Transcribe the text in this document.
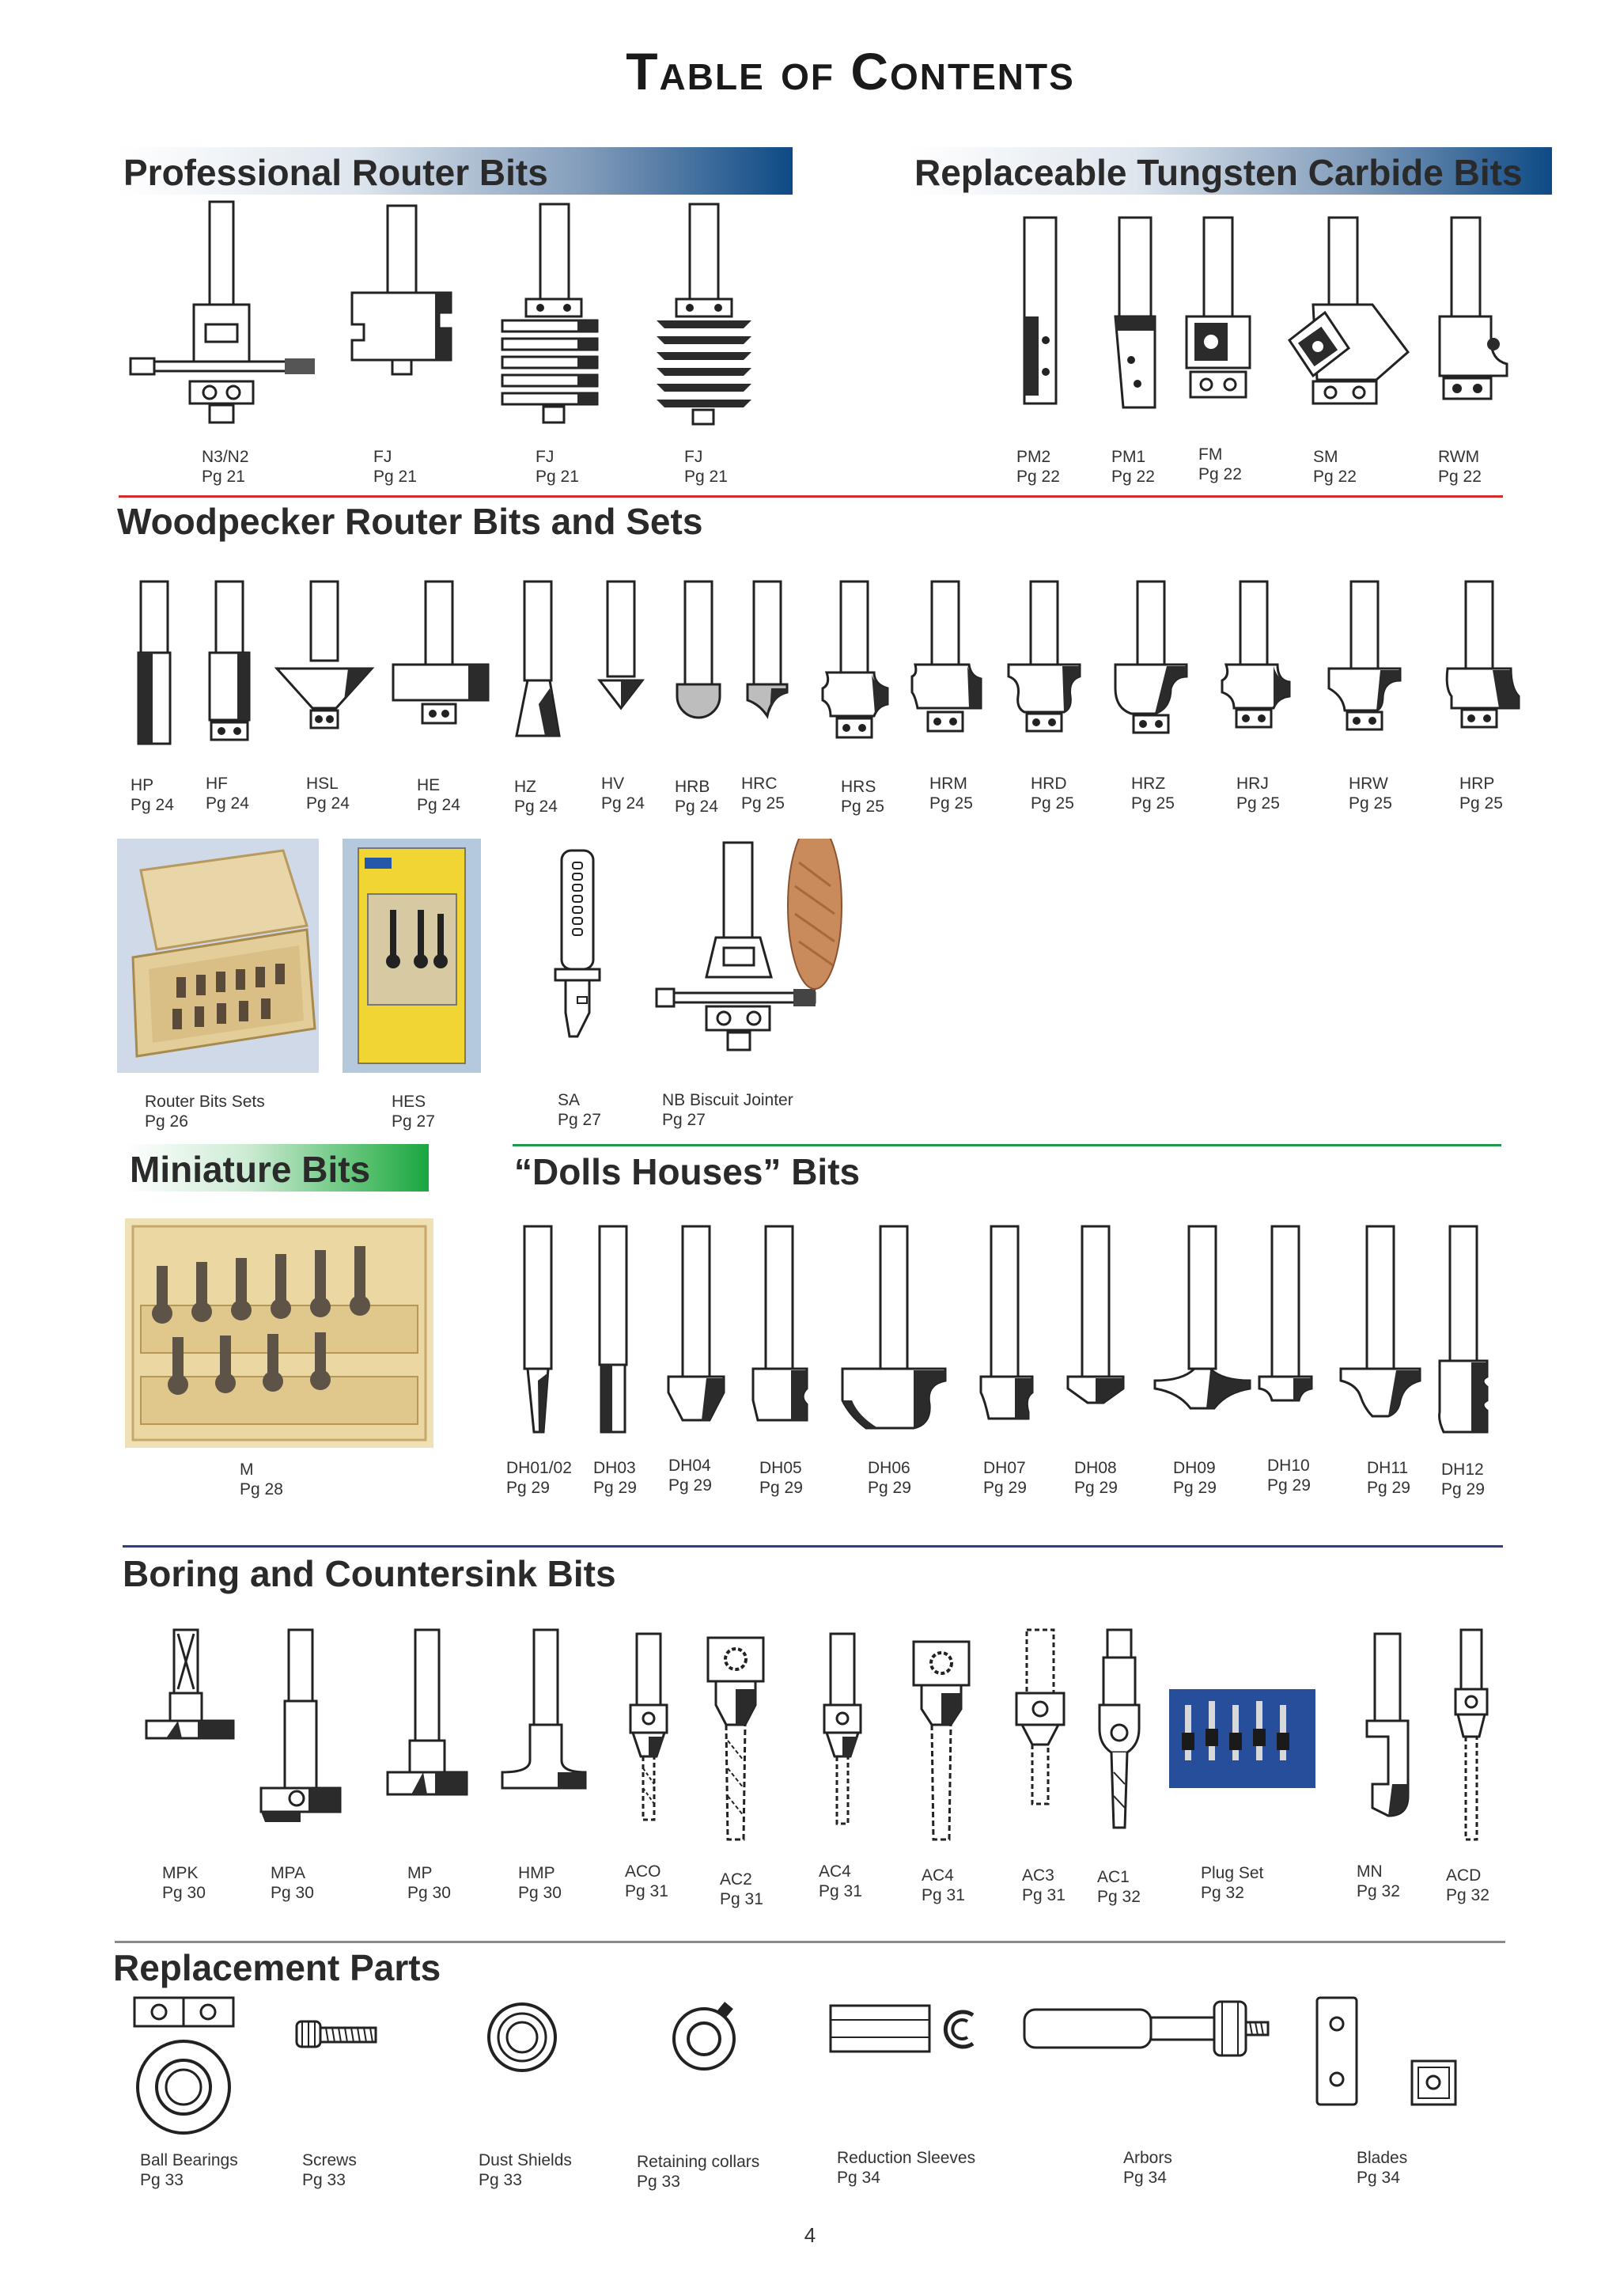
Table of Contents
Professional Router Bits	Replaceable Tungsten Carbide Bits
N3/N2
Pg 21
FJ
Pg 21
FJ
Pg 21
FJ
Pg 21
PM2
Pg 22
PM1
Pg 22
FM
Pg 22
SM
Pg 22
RWM
Pg 22
Woodpecker Router Bits and Sets
HP
Pg 24
HF
Pg 24
HSL
Pg 24
HE
Pg 24
HZ
Pg 24
HV
Pg 24
HRB
Pg 24
HRC
Pg 25
HRS
Pg 25
HRM
Pg 25
HRD
Pg 25
HRZ
Pg 25
HRJ
Pg 25
HRW
Pg 25
HRP
Pg 25
Router Bits Sets
Pg 26
HES
Pg 27
SA
Pg 27
NB Biscuit Jointer
Pg 27
Miniature Bits	“Dolls Houses” Bits
M
Pg 28
DH01/02
Pg 29
DH03
Pg 29
DH04
Pg 29
DH05
Pg 29
DH06
Pg 29
DH07
Pg 29
DH08
Pg 29
DH09
Pg 29
DH10
Pg 29
DH11
Pg 29
DH12
Pg 29
Boring and Countersink Bits
MPK
Pg 30
MPA
Pg 30
MP
Pg 30
HMP
Pg 30
ACO
Pg 31
AC2
Pg 31
AC4
Pg 31
AC4
Pg 31
AC3
Pg 31
AC1
Pg 32
Plug Set
Pg 32
MN
Pg 32
ACD
Pg 32
Replacement Parts
Ball Bearings
Pg 33
Screws
Pg 33
Dust Shields
Pg 33
Retaining collars
Pg 33
Reduction Sleeves
Pg 34
Arbors
Pg 34
Blades
Pg 34
4
